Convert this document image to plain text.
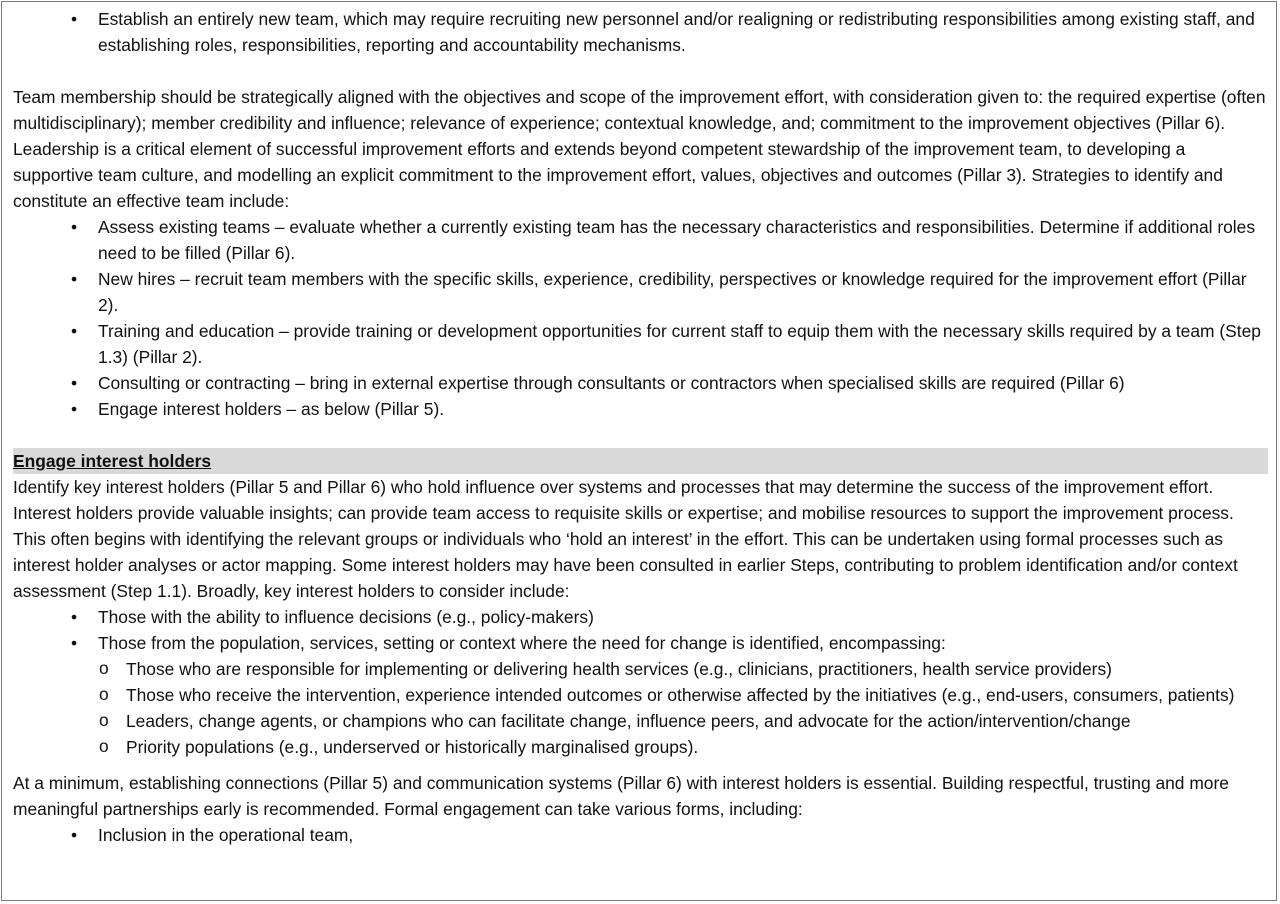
• Establish an entirely new team, which may require recruiting new personnel and/or realigning or redistributing responsibilities among existing staff, and establishing roles, responsibilities, reporting and accountability mechanisms.

Team membership should be strategically aligned with the objectives and scope of the improvement effort, with consideration given to: the required expertise (often multidisciplinary); member credibility and influence; relevance of experience; contextual knowledge, and; commitment to the improvement objectives (Pillar 6). Leadership is a critical element of successful improvement efforts and extends beyond competent stewardship of the improvement team, to developing a supportive team culture, and modelling an explicit commitment to the improvement effort, values, objectives and outcomes (Pillar 3). Strategies to identify and constitute an effective team include:

• Assess existing teams – evaluate whether a currently existing team has the necessary characteristics and responsibilities. Determine if additional roles need to be filled (Pillar 6).
• New hires – recruit team members with the specific skills, experience, credibility, perspectives or knowledge required for the improvement effort (Pillar 2).
• Training and education – provide training or development opportunities for current staff to equip them with the necessary skills required by a team (Step 1.3) (Pillar 2).
• Consulting or contracting – bring in external expertise through consultants or contractors when specialised skills are required (Pillar 6)
• Engage interest holders – as below (Pillar 5).
Engage interest holders

Identify key interest holders (Pillar 5 and Pillar 6) who hold influence over systems and processes that may determine the success of the improvement effort. Interest holders provide valuable insights; can provide team access to requisite skills or expertise; and mobilise resources to support the improvement process. This often begins with identifying the relevant groups or individuals who ‘hold an interest’ in the effort. This can be undertaken using formal processes such as interest holder analyses or actor mapping. Some interest holders may have been consulted in earlier Steps, contributing to problem identification and/or context assessment (Step 1.1). Broadly, key interest holders to consider include:

• Those with the ability to influence decisions (e.g., policy-makers)
• Those from the population, services, setting or context where the need for change is identified, encompassing:
o Those who are responsible for implementing or delivering health services (e.g., clinicians, practitioners, health service providers)
o Those who receive the intervention, experience intended outcomes or otherwise affected by the initiatives (e.g., end-users, consumers, patients)
o Leaders, change agents, or champions who can facilitate change, influence peers, and advocate for the action/intervention/change
o Priority populations (e.g., underserved or historically marginalised groups).

At a minimum, establishing connections (Pillar 5) and communication systems (Pillar 6) with interest holders is essential. Building respectful, trusting and more meaningful partnerships early is recommended. Formal engagement can take various forms, including:

• Inclusion in the operational team,
